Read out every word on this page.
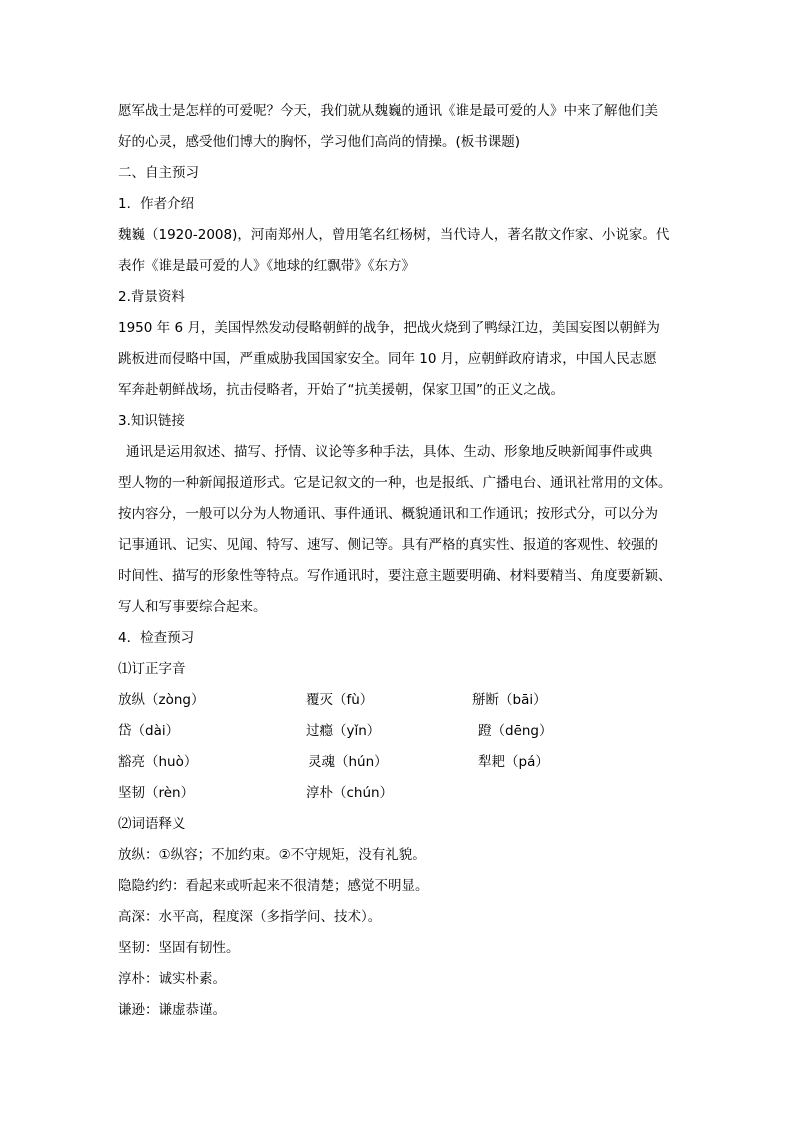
愿军战士是怎样的可爱呢？今天，我们就从魏巍的通讯《谁是最可爱的人》中来了解他们美
好的心灵，感受他们博大的胸怀，学习他们高尚的情操。(板书课题)
二、自主预习
1．作者介绍
魏巍（1920-2008)，河南郑州人，曾用笔名红杨树，当代诗人，著名散文作家、小说家。代
表作《谁是最可爱的人》《地球的红飘带》《东方》
2.背景资料
1950 年 6 月，美国悍然发动侵略朝鲜的战争，把战火烧到了鸭绿江边，美国妄图以朝鲜为
跳板进而侵略中国，严重威胁我国国家安全。同年 10 月，应朝鲜政府请求，中国人民志愿
军奔赴朝鲜战场，抗击侵略者，开始了“抗美援朝，保家卫国”的正义之战。
3.知识链接
通讯是运用叙述、描写、抒情、议论等多种手法，具体、生动、形象地反映新闻事件或典
型人物的一种新闻报道形式。它是记叙文的一种，也是报纸、广播电台、通讯社常用的文体。
按内容分，一般可以分为人物通讯、事件通讯、概貌通讯和工作通讯；按形式分，可以分为
记事通讯、记实、见闻、特写、速写、侧记等。具有严格的真实性、报道的客观性、较强的
时间性、描写的形象性等特点。写作通讯时，要注意主题要明确、材料要精当、角度要新颖、
写人和写事要综合起来。
4．检查预习
⑴订正字音
放纵（zòng）	覆灭（fù）	掰断（bāi）
岱（dài）	过瘾（yǐn）	蹬（dēng）
豁亮（huò）	灵魂（hún）	犁耙（pá）
坚韧（rèn）	淳朴（chún）
⑵词语释义
放纵：①纵容；不加约束。②不守规矩，没有礼貌。
隐隐约约：看起来或听起来不很清楚；感觉不明显。
高深：水平高，程度深（多指学问、技术）。
坚韧：坚固有韧性。
淳朴：诚实朴素。
谦逊：谦虚恭谨。
